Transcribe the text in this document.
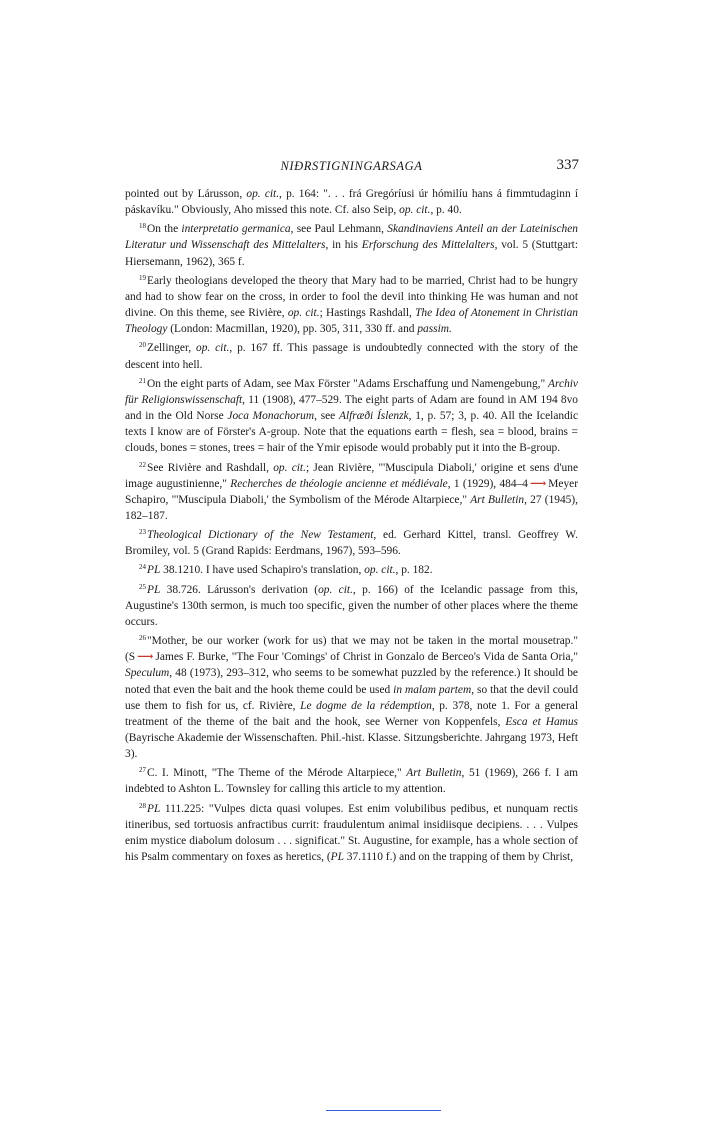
NIÐRSTIGNINGARSAGA	337

pointed out by Lárusson, op. cit., p. 164: ". . . frá Gregóríusi úr hómilíu hans á fimmtudaginn í páskavíku." Obviously, Aho missed this note. Cf. also Seip, op. cit., p. 40.

$^{18}$On the interpretatio germanica, see Paul Lehmann, Skandinaviens Anteil an der Lateinischen Literatur und Wissenschaft des Mittelalters, in his Erforschung des Mittelalters, vol. 5 (Stuttgart: Hiersemann, 1962), 365 f.

$^{19}$Early theologians developed the theory that Mary had to be married, Christ had to be hungry and had to show fear on the cross, in order to fool the devil into thinking He was human and not divine. On this theme, see Rivière, op. cit.; Hastings Rashdall, The Idea of Atonement in Christian Theology (London: Macmillan, 1920), pp. 305, 311, 330 ff. and passim.

$^{20}$Zellinger, op. cit., p. 167 ff. This passage is undoubtedly connected with the story of the descent into hell.

$^{21}$On the eight parts of Adam, see Max Förster "Adams Erschaffung und Namengebung," Archiv für Religionswissenschaft, 11 (1908), 477–529. The eight parts of Adam are found in AM 194 8vo and in the Old Norse Joca Monachorum, see Alfræði Íslenzk, 1, p. 57; 3, p. 40. All the Icelandic texts I know are of Förster's A-group. Note that the equations earth = flesh, sea = blood, brains = clouds, bones = stones, trees = hair of the Ymir episode would probably put it into the B-group.

$^{22}$See Rivière and Rashdall, op. cit.; Jean Rivière, "'Muscipula Diaboli,' origine et sens d'une image augustinienne," Recherches de théologie ancienne et médiévale, 1 (1929), 484–4 ⟶ Meyer Schapiro, "'Muscipula Diaboli,' the Symbolism of the Mérode Altarpiece," Art Bulletin, 27 (1945), 182–187.

$^{23}$Theological Dictionary of the New Testament, ed. Gerhard Kittel, transl. Geoffrey W. Bromiley, vol. 5 (Grand Rapids: Eerdmans, 1967), 593–596.

$^{24}$PL 38.1210. I have used Schapiro's translation, op. cit., p. 182.

$^{25}$PL 38.726. Lárusson's derivation (op. cit., p. 166) of the Icelandic passage from this, Augustine's 130th sermon, is much too specific, given the number of other places where the theme occurs.

$^{26}$"Mother, be our worker (work for us) that we may not be taken in the mortal mousetrap." (S ⟶ James F. Burke, "The Four 'Comings' of Christ in Gonzalo de Berceo's Vida de Santa Oria," Speculum, 48 (1973), 293–312, who seems to be somewhat puzzled by the reference.) It should be noted that even the bait and the hook theme could be used in malam partem, so that the devil could use them to fish for us, cf. Rivière, Le dogme de la rédemption, p. 378, note 1. For a general treatment of the theme of the bait and the hook, see Werner von Koppenfels, Esca et Hamus (Bayrische Akademie der Wissenschaften. Phil.-hist. Klasse. Sitzungsberichte. Jahrgang 1973, Heft 3).

$^{27}$C. I. Minott, "The Theme of the Mérode Altarpiece," Art Bulletin, 51 (1969), 266 f. I am indebted to Ashton L. Townsley for calling this article to my attention.

$^{28}$PL 111.225: "Vulpes dicta quasi volupes. Est enim volubilibus pedibus, et nunquam rectis itineribus, sed tortuosis anfractibus currit: fraudulentum animal insidiisque decipiens. . . . Vulpes enim mystice diabolum dolosum . . . significat." St. Augustine, for example, has a whole section of his Psalm commentary on foxes as heretics, (PL 37.1110 f.) and on the trapping of them by Christ,
